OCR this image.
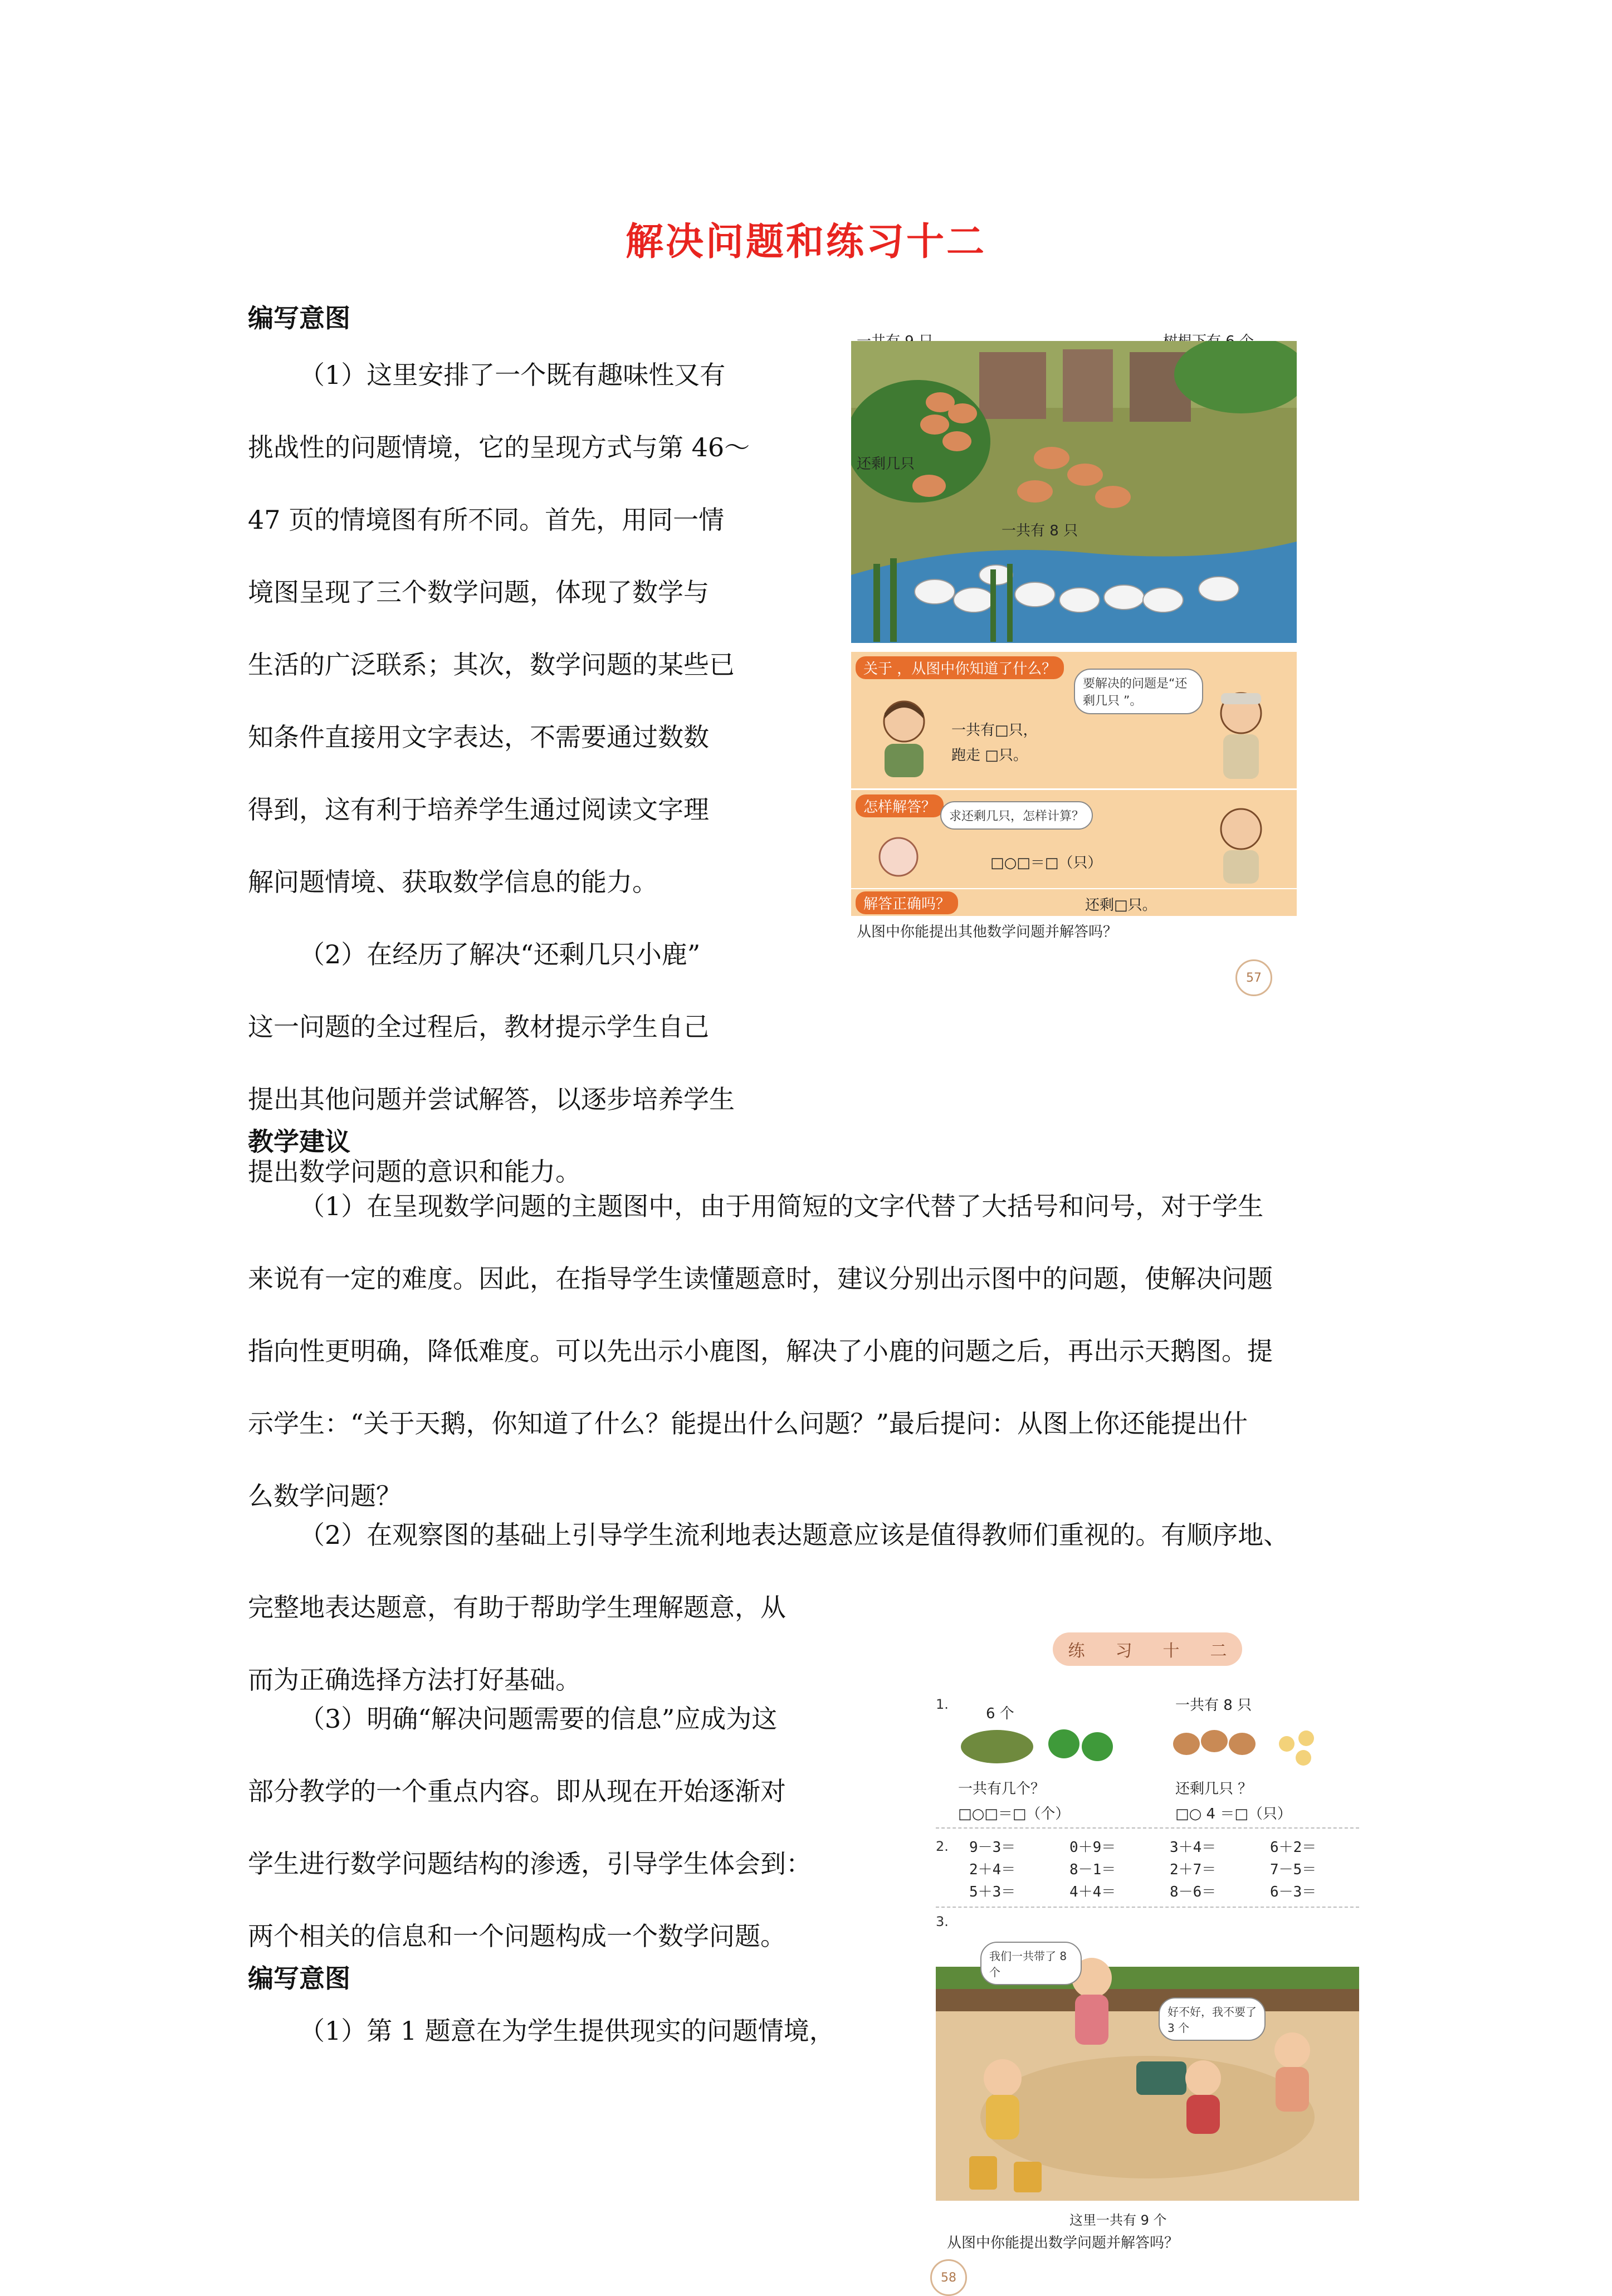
解决问题和练习十二
编写意图
（1）这里安排了一个既有趣味性又有
挑战性的问题情境，它的呈现方式与第 46～
47 页的情境图有所不同。首先，用同一情
境图呈现了三个数学问题，体现了数学与
生活的广泛联系；其次，数学问题的某些已
知条件直接用文字表达，不需要通过数数
得到，这有利于培养学生通过阅读文字理
解问题情境、获取数学信息的能力。
（2）在经历了解决“还剩几只小鹿”
这一问题的全过程后，教材提示学生自己
提出其他问题并尝试解答，以逐步培养学生
提出数学问题的意识和能力。
教学建议
（1）在呈现数学问题的主题图中，由于用简短的文字代替了大括号和问号，对于学生
来说有一定的难度。因此，在指导学生读懂题意时，建议分别出示图中的问题，使解决问题
指向性更明确，降低难度。可以先出示小鹿图，解决了小鹿的问题之后，再出示天鹅图。提
示学生：“关于天鹅，你知道了什么？能提出什么问题？”最后提问：从图上你还能提出什
么数学问题？
（2）在观察图的基础上引导学生流利地表达题意应该是值得教师们重视的。有顺序地、
完整地表达题意，有助于帮助学生理解题意，从
而为正确选择方法打好基础。
（3）明确“解决问题需要的信息”应成为这
部分教学的一个重点内容。即从现在开始逐渐对
学生进行数学问题结构的渗透，引导学生体会到：
两个相关的信息和一个问题构成一个数学问题。
编写意图
（1）第 1 题意在为学生提供现实的问题情境，
还剩几只
一共有 8 只
关于 ，从图中你知道了什么？
要解决的问题是“还剩几只 ”。
一共有□只，
跑走 □只。
怎样解答？
求还剩几只，怎样计算？
□○□＝□（只）
解答正确吗？	还剩□只。
从图中你能提出其他数学问题并解答吗？
57
练 习 十 二
1.
6 个
一共有几个？
□○□＝□（个）
一共有 8 只
还剩几只 ？
□○ 4 ＝□（只）
2. 9－3＝	0＋9＝	3＋4＝	6＋2＝
2＋4＝	8－1＝	2＋7＝	7－5＝
5＋3＝	4＋4＝	8－6＝	6－3＝
3.
我们一共带了 8 个
好不好，我不要了 3 个
这里一共有 9 个
从图中你能提出数学问题并解答吗？
58
